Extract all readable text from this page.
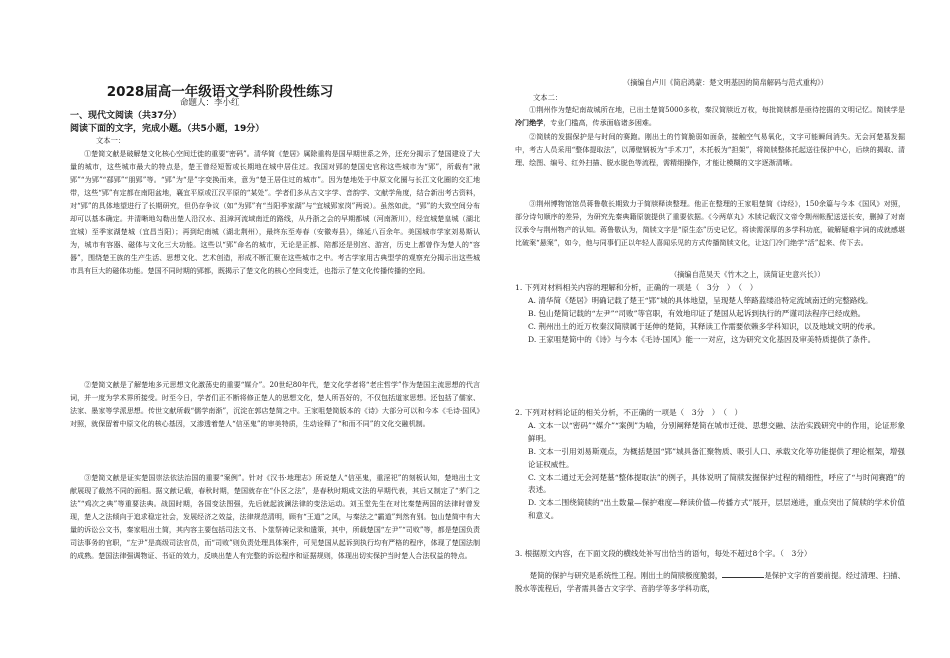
2028届高一年级语文学科阶段性练习
命题人：李小红
一、现代文阅读（共37分）
阅读下面的文字，完成小题。（共5小题，19分）
文本一：
①楚简文献是破解楚文化核心空间迁徙的重要“密码”。清华简《楚居》属除重构是国早期世系之外，还充分揭示了楚国建设了大量的城市，这些城市最大的特点是，楚王曾经短暂或长期地在城中居住过。我国对郢的楚国史官称这些城市为“郢”，所载有“湫郢”“为郢”“鄀郢”“朋郢”等。“郢”为“是”字变换而来，意为“楚王居住过的城市”。因为楚地处于中原文化圈与长江文化圈的交汇地带，这些“郢”有定都在南阳盆地，襄宜平原或江汉平原的“某处”。学者们多从古文字学、音韵学、文献学角度，结合新出考古资料，对“郢”的具体地望进行了长期研究，但仍存争议（如“为郢”有“当阳季家湖”与“宜城郢家岗”两说）。虽然如此，“郢”的大致空间分布却可以基本确定。井清晰地勾勒出楚人沿汉水、沮漳河流域南迁的路线，从丹浙之会的早期都城（河南淅川），经宜城楚皇城（湖北宜城）至季家湖楚城（宜昌当阳）；再到纪南城（湖北荆州），最终东至寿春（安徽寿县），绵延八百余年。美国城市学家刘易斯认为，城市有容器、磁体与文化三大功能。这些以“郢”命名的城市，无论是正都、陪都还是别宫、游宫，历史上都曾作为楚人的“容器”，围绕楚王族的生产生活、思想文化、艺术创造，形成不断汇聚在这些城市之中。考古学家用古典型学的观察充分揭示出这些城市具有巨大的磁体功能。楚国不同时期的郢都，既揭示了楚文化的核心空间变迁，也指示了楚文化传播传播的空间。
②楚简文献是了解楚地多元思想文化激荡史的重要“媒介”。20世纪80年代，楚文化学者将“老庄哲学”作为楚国主流思想的代言词，并一度为学术界所接受。时至今日，学者们正不断将修正楚人的思想文化，楚人所吾好的，不仅包括道家思想。还包括了儒家、法家、墨家等学派思想。传世文献所载“儒学南渐”，沉淀在郭店楚简之中。王家咀楚简版本的《诗》大部分可以和今本《毛诗·国风》对照，就保留着中原文化的核心基因，又渗透着楚人“信巫鬼”的审美特质，生动诠释了“和而不同”的文化交融机制。
③楚简文献是证实楚国崇法依法治国的重要“案例”。针对《汉书·地理志》所说楚人“信巫鬼，重淫祀”的刻板认知，楚地出土文献展现了截然不同的面相。据文献记载，春秋时期，楚国就存在“仆区之法”，是春秋时期成文法的早期代表，其后又制定了“茅门之法”“鸡次之典”等重要法典。战国时期，各国变法图强，先后就起波澜法律的变法运动。刘玉堂先生在对比秦楚两国的法律时曾发现，楚人之法倾向于追求稳定社会，发展经济之效益，法律规范清明，顾有“王道”之风，与秦法之“霸道”判然有别。包山楚简中有大量的诉讼公文书，秦家咀出土简，其内容主要包括司法文书、卜筮祭祷记录和遣策，其中，所载楚国“左尹”“司败”等，都是楚国负责司法事务的官职，“左尹”是高级司法官员，而“司败”则负责处理具体案件，可见楚国从起诉到执行均有严格的程序，体现了楚国法制的成熟。楚国法律强调物证、书证的效力，反映出楚人有完整的诉讼程序和证据规则，体现出切实保护当时楚人合法权益的特点。
（摘编自卢川《简启鸿蒙：楚文明基因的简帛解码与范式重构》）
文本二：
①荆州作为楚纪南故城所在地，已出土楚简5000多枚，秦汉简牍近万枚，每批简牍都是亟待挖掘的文明记忆。简牍学是冷门绝学，专业门槛高，传承面临诸多困难。
②简牍的发掘保护是与时间的赛跑。刚出土的竹简脆弱如面条，接触空气易氧化，文字可能瞬间消失。无会河楚墓发掘中，考古人员采用“整体提取法”，以薄壁钢板为“手术刀”，木托板为“担架”，将简牍整体托起送往保护中心，后续的揭取、清理、绘图、编号、红外扫描、脱水脱色等流程，需精细操作，才能让模糊的文字逐渐清晰。
③荆州博物馆馆员蒋鲁敬长期致力于简牍释读整理。他正在整理的王家咀楚简《诗经》，150余篇与今本《国风》对照，部分诗句顺序的差异，为研究先秦典籍原貌提供了重要依据。《今两草丸》木牍记载汉文帝令荆州帐配送送长安，删掉了对南汉承令与荆州物产的认知。蒋鲁敬认为，简牍文字是“原生态”历史记忆，将读需深厚的多学科功底，破解疑难字词的成就感堪比破案“悬案”，如今，他与同事们正以年轻人喜闻乐见的方式传播简牍文化，让这门冷门绝学“活”起来、传下去。
（摘编自范昊天《竹木之上，读简证史意兴长》）
1. 下列对材料相关内容的理解和分析，正确的一项是（　3分　）　（　）
A. 清华简《楚居》明确记载了楚王“郢”城的具体地望，呈现楚人筚路蓝缕沿特定流域南迁的完整路线。
B. 包山楚简记载的“左尹”“司败”等官职，有效地印证了楚国从起诉到执行的严谨司法程序已经成熟。
C. 荆州出土的近万枚秦汉简牍属于延伸的楚简，其释读工作需要依赖多学科知识，以及地域文明的传承。
D. 王家咀楚简中的《诗》与今本《毛诗·国风》能一一对应，这为研究文化基因及审美特质提供了条件。
2. 下列对材料论证的相关分析，不正确的一项是（　3分　）　（　）
A. 文本一以“密码”“媒介”“案例”为喻，分别阐释楚简在城市迁徙、思想交融、法治实践研究中的作用，论证形象鲜明。
B. 文本一引用刘易斯观点，为概括楚国“郢”城具备汇聚物质、吸引人口、承载文化等功能提供了理论框架，增强论证权威性。
C. 文本二通过无会河楚墓“整体提取法”的例子，具体说明了简牍发掘保护过程的精细性，呼应了“与时间赛跑”的表述。
D. 文本二围绕简牍的“出土数量—保护难度—释读价值—传播方式”展开，层层递进，重点突出了简牍的学术价值和意义。
3. 根据原文内容，在下面文段的横线处补写出恰当的语句，每处不超过8个字。（　3分）
楚简的保护与研究是系统性工程。刚出土的简牍极度脆弱，	是保护文字的首要前提。经过清理、扫描、脱水等流程后，学者需具备古文字学、音韵学等多学科功底，
